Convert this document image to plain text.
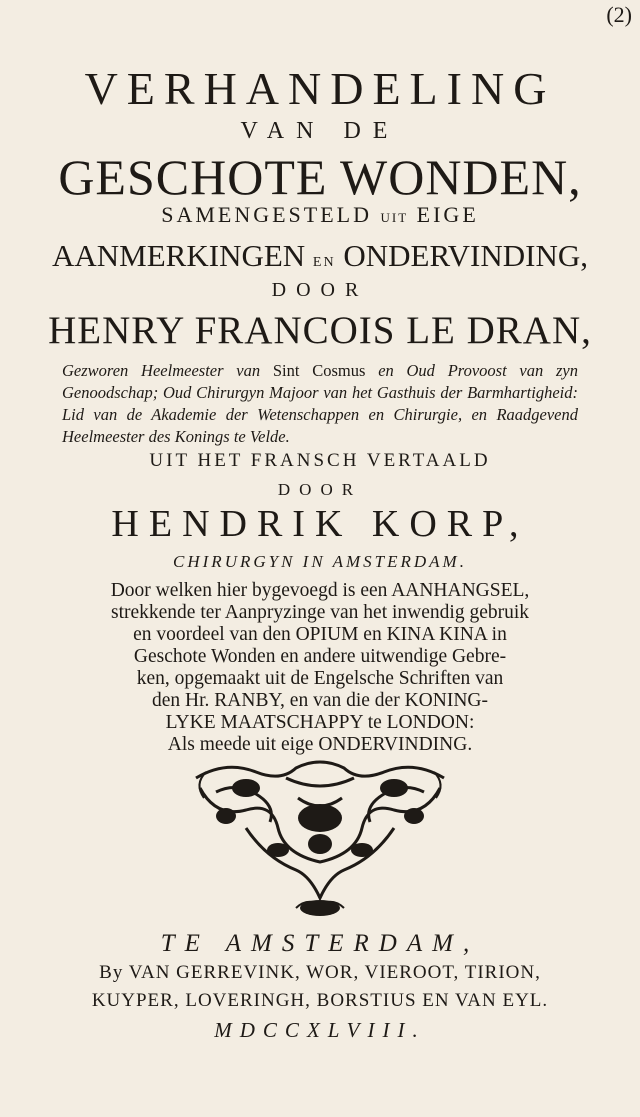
(2)
VERHANDELING
VAN DE
GESCHOTE WONDEN,
SAMENGESTELD UIT EIGE
AANMERKINGEN EN ONDERVINDING,
DOOR
HENRY FRANCOIS LE DRAN,
Gezworen Heelmeester van Sint Cosmus en Oud Provoost van zyn Genoodschap; Oud Chirurgyn Majoor van het Gasthuis der Barmhartigheid: Lid van de Akademie der Wetenschappen en Chirurgie, en Raadgevend Heelmeester des Konings te Velde.
UIT HET FRANSCH VERTAALD
DOOR
HENDRIK KORP,
CHIRURGYN IN AMSTERDAM.
Door welken hier bygevoegd is een AANHANGSEL,
strekkende ter Aanpryzinge van het inwendig gebruik
en voordeel van den OPIUM en KINA KINA in
Geschote Wonden en andere uitwendige Gebre-
ken, opgemaakt uit de Engelsche Schriften van
den Hr. RANBY, en van die der KONING-
LYKE MAATSCHAPPY te LONDON:
Als meede uit eige ONDERVINDING.
TE AMSTERDAM,
By VAN GERREVINK, WOR, VIEROOT, TIRION,
KUYPER, LOVERINGH, BORSTIUS EN VAN EYL.
MDCCXLVIII.
